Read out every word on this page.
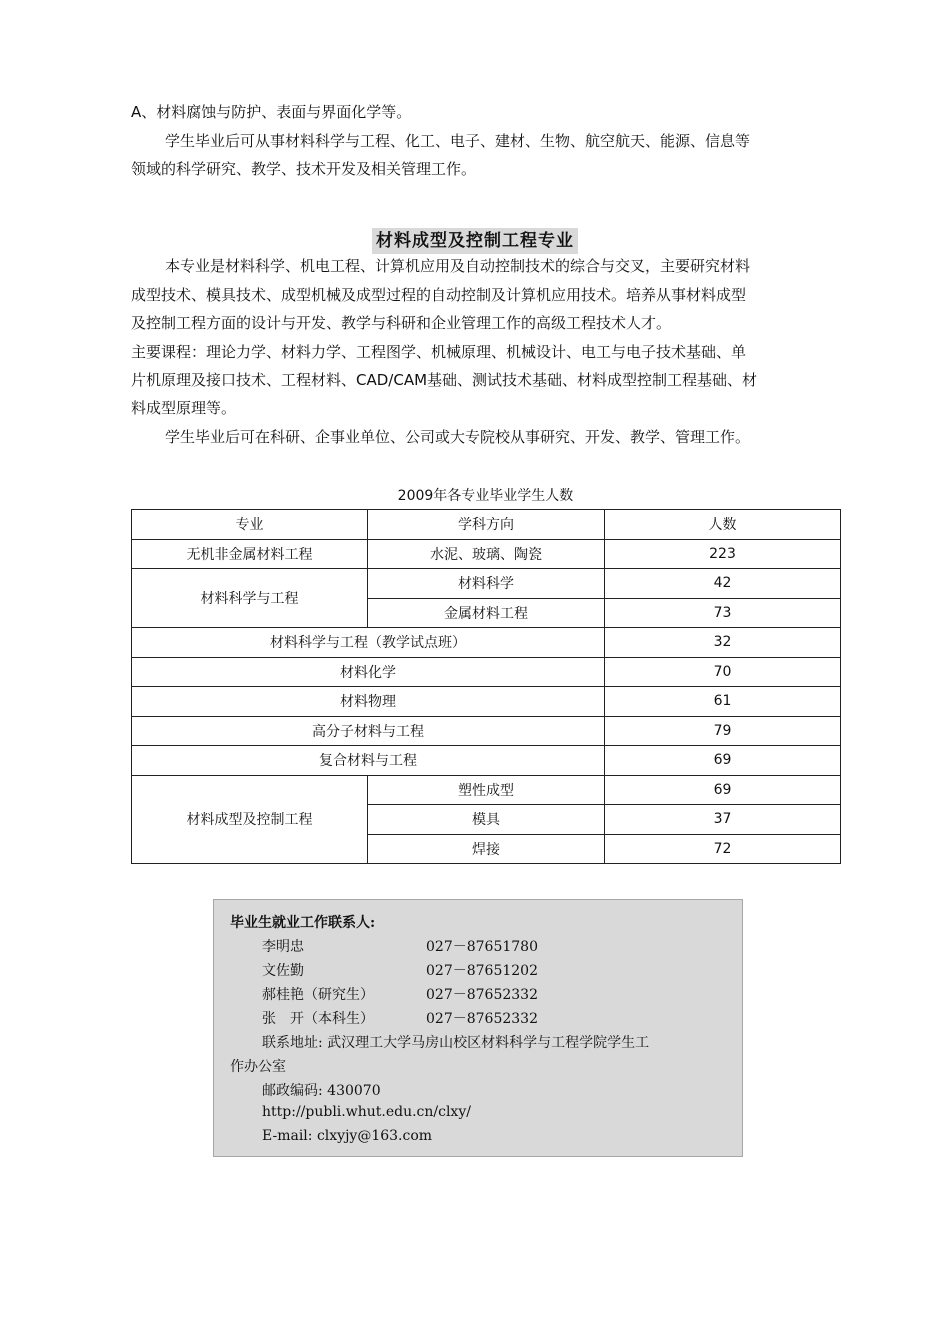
A、材料腐蚀与防护、表面与界面化学等。
学生毕业后可从事材料科学与工程、化工、电子、建材、生物、航空航天、能源、信息等
领域的科学研究、教学、技术开发及相关管理工作。
材料成型及控制工程专业
本专业是材料科学、机电工程、计算机应用及自动控制技术的综合与交叉，主要研究材料
成型技术、模具技术、成型机械及成型过程的自动控制及计算机应用技术。培养从事材料成型
及控制工程方面的设计与开发、教学与科研和企业管理工作的高级工程技术人才。
主要课程：理论力学、材料力学、工程图学、机械原理、机械设计、电工与电子技术基础、单
片机原理及接口技术、工程材料、CAD/CAM基础、测试技术基础、材料成型控制工程基础、材
料成型原理等。
学生毕业后可在科研、企事业单位、公司或大专院校从事研究、开发、教学、管理工作。
2009年各专业毕业学生人数
专业	学科方向	人数
无机非金属材料工程	水泥、玻璃、陶瓷	223
材料科学与工程	材料科学	42
	金属材料工程	73
材料科学与工程（教学试点班）		32
材料化学		70
材料物理		61
高分子材料与工程		79
复合材料与工程		69
材料成型及控制工程	塑性成型	69
	模具	37
	焊接	72
毕业生就业工作联系人:
李明忠	027－87651780
文佐勤	027－87651202
郝桂艳（研究生）	027－87652332
张　开（本科生）	027－87652332
联系地址: 武汉理工大学马房山校区材料科学与工程学院学生工
作办公室
邮政编码: 430070
http://publi.whut.edu.cn/clxy/
E-mail: clxyjy@163.com
